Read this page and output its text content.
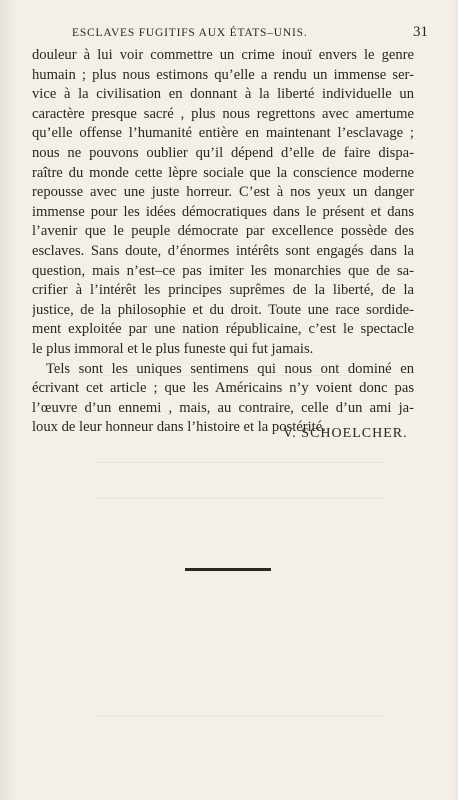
ESCLAVES FUGITIFS AUX ÉTATS–UNIS.	31
douleur à lui voir commettre un crime inouï envers le genre
humain ; plus nous estimons qu’elle a rendu un immense ser-
vice à la civilisation en donnant à la liberté individuelle un
caractère presque sacré , plus nous regrettons avec amertume
qu’elle offense l’humanité entière en maintenant l’esclavage ;
nous ne pouvons oublier qu’il dépend d’elle de faire dispa-
raître du monde cette lèpre sociale que la conscience moderne
repousse avec une juste horreur. C’est à nos yeux un danger
immense pour les idées démocratiques dans le présent et dans
l’avenir que le peuple démocrate par excellence possède des
esclaves. Sans doute, d’énormes intérêts sont engagés dans la
question, mais n’est–ce pas imiter les monarchies que de sa-
crifier à l’intérêt les principes suprêmes de la liberté, de la
justice, de la philosophie et du droit. Toute une race sordide-
ment exploitée par une nation républicaine, c’est le spectacle
le plus immoral et le plus funeste qui fut jamais.
Tels sont les uniques sentimens qui nous ont dominé en
écrivant cet article ; que les Américains n’y voient donc pas
l’œuvre d’un ennemi , mais, au contraire, celle d’un ami ja-
loux de leur honneur dans l’histoire et la postérité.
V. SCHOELCHER.
